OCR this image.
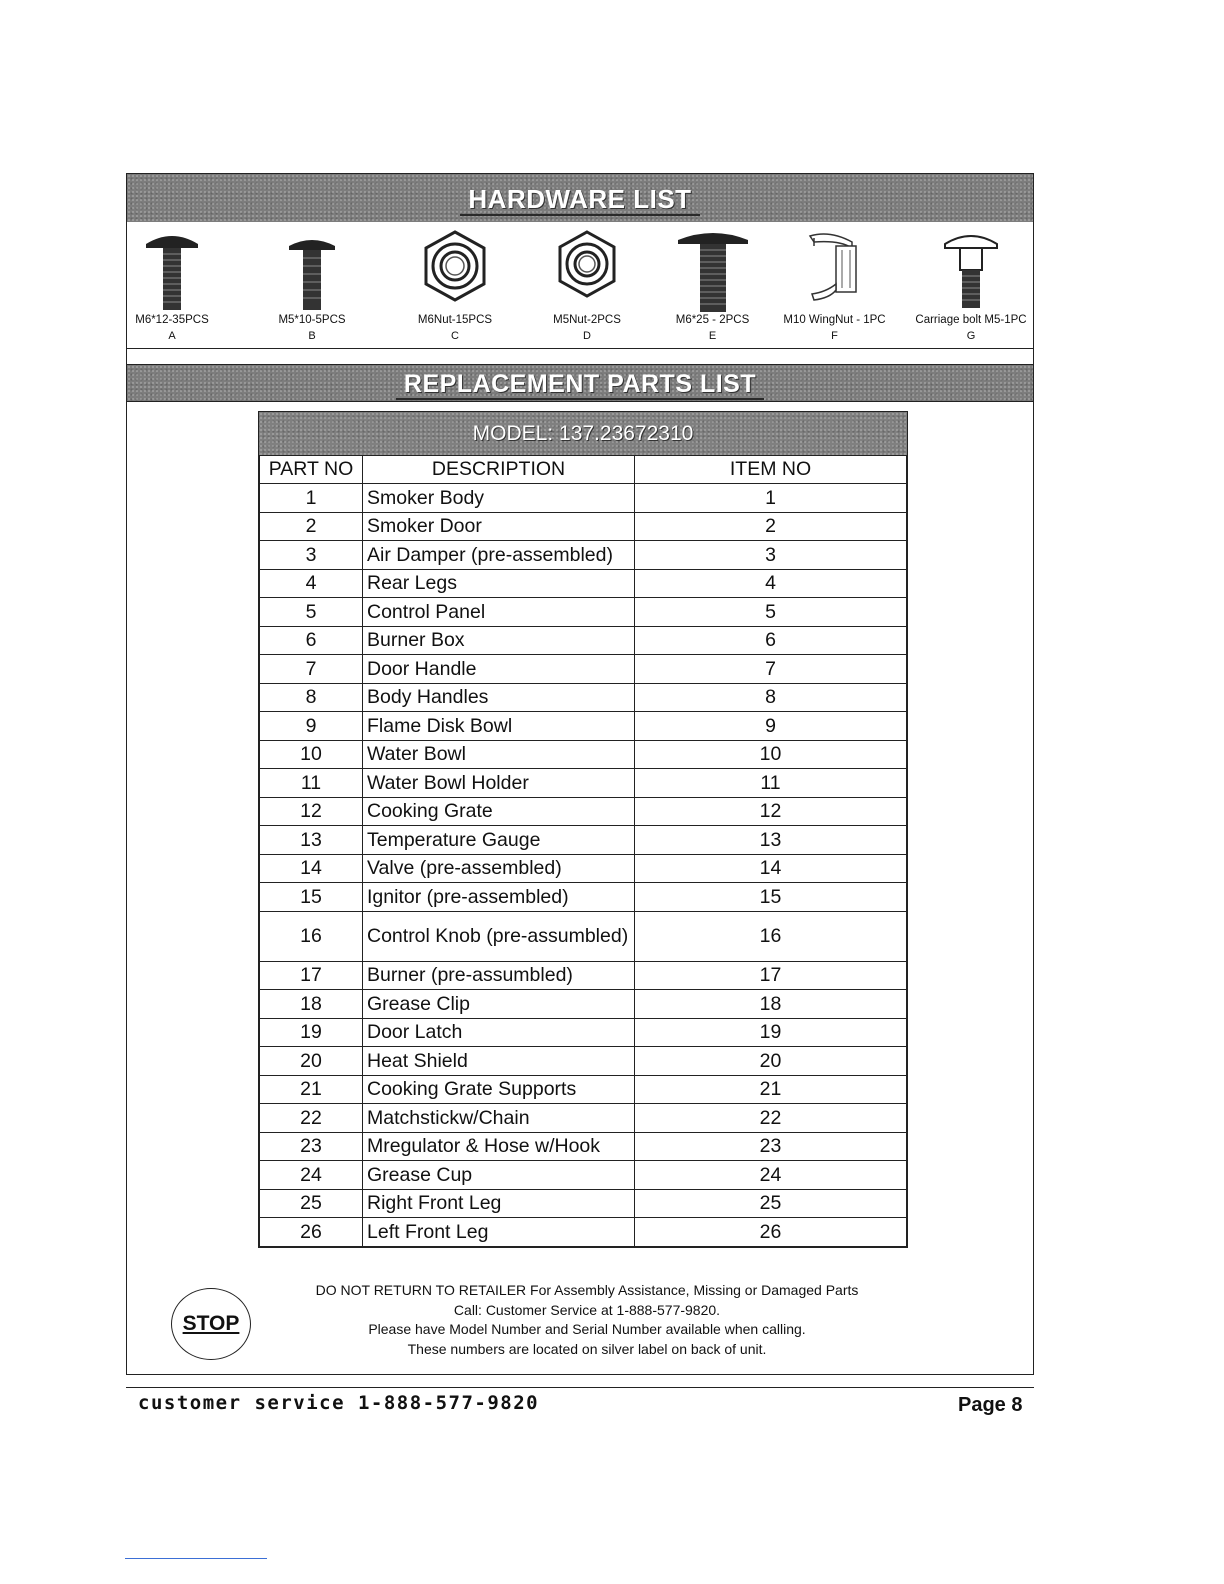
HARDWARE LIST
M6*12-35PCS
A
M5*10-5PCS
B
M6Nut-15PCS
C
M5Nut-2PCS
D
M6*25 - 2PCS
E
M10 WingNut - 1PC
F
Carriage bolt M5-1PC
G
REPLACEMENT PARTS LIST
MODEL: 137.23672310
PART NO	DESCRIPTION	ITEM NO
1	Smoker Body	1
2	Smoker Door	2
3	Air Damper (pre-assembled)	3
4	Rear Legs	4
5	Control Panel	5
6	Burner Box	6
7	Door Handle	7
8	Body Handles	8
9	Flame Disk Bowl	9
10	Water Bowl	10
11	Water Bowl Holder	11
12	Cooking Grate	12
13	Temperature Gauge	13
14	Valve (pre-assembled)	14
15	Ignitor (pre-assembled)	15
16	Control Knob (pre-assumbled)	16
17	Burner (pre-assumbled)	17
18	Grease Clip	18
19	Door Latch	19
20	Heat Shield	20
21	Cooking Grate Supports	21
22	Matchstickw/Chain	22
23	Mregulator & Hose w/Hook	23
24	Grease Cup	24
25	Right Front Leg	25
26	Left Front Leg	26
STOP
DO NOT RETURN TO RETAILER For Assembly Assistance, Missing or Damaged Parts
Call: Customer Service at 1-888-577-9820.
Please have Model Number and Serial Number available when calling.
These numbers are located on silver label on back of unit.
customer service 1-888-577-9820	Page 8
